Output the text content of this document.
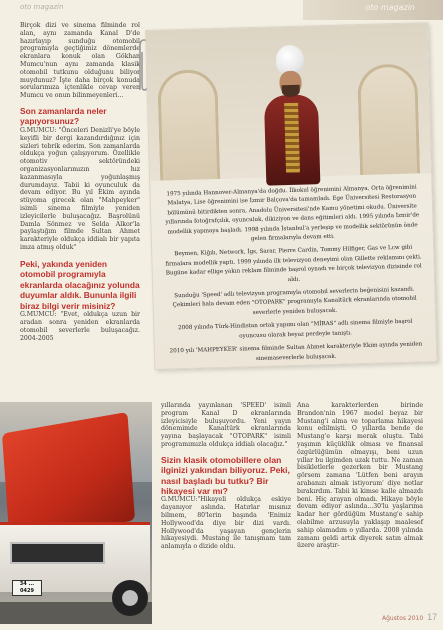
oto magazin	oto magazin

Birçok dizi ve sinema filminde rol alan, aynı zamanda Kanal D'de hazırlayıp sunduğu otomobil programıyla geçtiğimiz dönemlerde ekranlara konuk olan Gökhan Mumcu'nun aynı zamanda klasik otomobil tutkunu olduğunu biliyor muydunuz? İşte daha birçok konuda sorularımıza içtenlikle cevap veren Mumcu ve onun bilinmeyenleri...

Son zamanlarda neler yapıyorsunuz?

G.MUMCU: "Önceleri Denizli'ye böyle keyifli bir dergi kazandırdığınız için sizleri tebrik ederim. Son zamanlarda oldukça yoğun çalışıyorum. Özellikle otomotiv sektöründeki organizasyonlarımızın hız kazanmasıyla yoğunlaşmış durumdayız. Tabii ki oyunculuk da devam ediyor. Bu yıl Ekim ayında stüyoma girecek olan "Mahpeyker" isimli sinema filmiyle yeniden izleyicilerle buluşacağız. Başrolünü Damla Sönmez ve Selda Alkor'la paylaştığım filmde Sultan Ahmet karakteriyle oldukça iddialı bir yapıta imza atmış olduk"

Peki, yakında yeniden otomobil programıyla ekranlarda olacağınız yolunda duyumlar aldık. Bununla ilgili biraz bilgi verir misiniz?

G.MUMCU: "Evet, oldukça uzun bir aradan sonra yeniden ekranlarda otomobil severlerle buluşacağız. 2004-2005

1975 yılında Hannover-Almanya'da doğdu. İlkokul öğrenimini Almanya, Orta öğrenimini Malatya, Lise öğrenimini ise İzmir Balçova'da tamamladı. Ege Üniversitesi Restorasyon bölümünü bitirdikten sonra, Anadolu Üniversitesi'nde Kamu yönetimi okudu. Üniversite yıllarında fotoğrafçılık, oyunculuk, dikiziyon ve dans eğitimleri aldı. 1995 yılında İzmir'de modellik yapmaya başladı. 1998 yılında İstanbul'a yerleşip ve modellik sektörünün önde gelen firmalarıyla devam etti.

Beymen, Kiğılı, Network, İgs, Sarar, Pierre Cardin, Tommy Hilfiger, Gas ve Lcw gibi firmalara modellik yaptı. 1999 yılında ilk televizyon deneyimi olan Gillette reklamını çekti. Bugüne kadar ellige yakın reklam filminde başrol oynadı ve birçok televizyon dizisinde rol aldı.

Sunduğu 'Speed' adlı televizyon programıyla otomobil severlerin beğenisini kazandı. Çekimleri hala devam eden "OTOPARK" programıyla Kanaltürk ekranlarında otomobil severlerle yeniden buluşacak.

2008 yılında Türk-Hindistan ortak yapımı olan "MİRAS" adlı sinema filmiyle başrol oyuncusu olarak beyaz perdeyle tanıştı.

2010 yılı 'MAHPEYKER' sinema filminde Sultan Ahmet karakteriyle Ekim ayında yeniden sinemaseverlerle buluşacak.

34 ... 0429

yıllarında yayınlanan 'SPEED' isimli program Kanal D ekranlarında izleyicisiyle buluşuyordu. Yeni yayın dönemimde Kanaltürk ekranlarında yayına başlayacak "OTOPARK" isimli programımızla oldukça iddialı olacağız."

Sizin klasik otomobillere olan ilginizi yakından biliyoruz. Peki, nasıl başladı bu tutku? Bir hikayesi var mı?

G.MUMCU:"Hikayeli oldukça eskiye dayanıyor aslında. Hatırlar mısınız bilmem, 80'lerin başında 'Enimiz Hollywood'da diye bir dizi vardı. Hollywood'da yaşayan gençlerin hikayesiydi. Mustang ile tanışmam tam anlamıyla o dizide oldu.

Ana karakterlerden birinde Brandon'nin 1967 model beyaz bir Mustang'i alma ve toparlama hikayesi konu edilmişti. O yıllarda bende de Mustang'e karşı merak oluştu. Tabi yaşımın küçüklük olması ve finansal özgürlüğümün olmayışı, beni uzun yıllar bu ilgimden uzak tuttu. Ne zaman bisikletlerle gezerken bir Mustang görsem zamana 'Lütfen beni arayın arabanızı almak istiyorum' diye notlar bırakırdım. Tabii ki kimse kalle almazdı beni. Hiç arayan olmadı. Hikaye böyle devam ediyor aslında...30'lu yaşlarıma kadar her gördüğüm Mustang'e sahip olabilme arzusuyla yaklaşıp maalesef sahip olamadım o yıllarda. 2008 yılında zamanı geldi artık diyerek satın almak üzere araştır-

Ağustos 2010 17
